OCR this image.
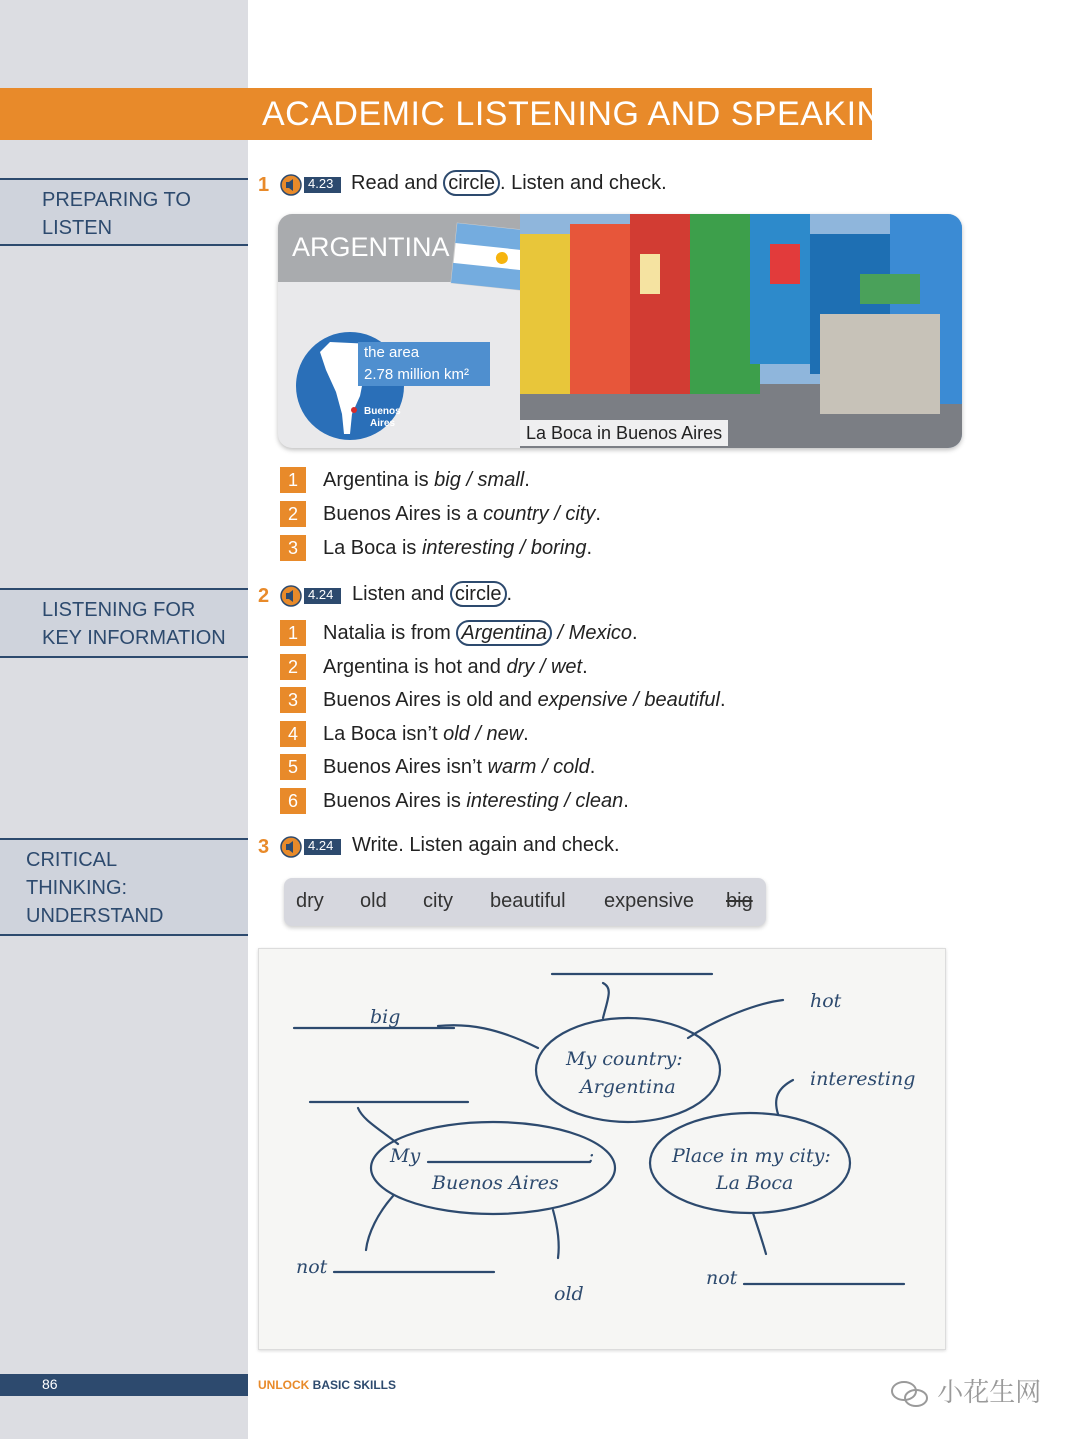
ACADEMIC LISTENING AND SPEAKING
PREPARING TO
LISTEN
LISTENING FOR
KEY INFORMATION
CRITICAL
THINKING:
UNDERSTAND
1	4.23 Read and circle . Listen and check.
ARGENTINA
the area
2.78 million km²
Buenos
Aires	La Boca in Buenos Aires
1	Argentina is big / small.
2	Buenos Aires is a country / city.
3	La Boca is interesting / boring.
2	4.24 Listen and circle .
1	Natalia is from Argentina / Mexico.
2	Argentina is hot and dry / wet.
3	Buenos Aires is old and expensive / beautiful.
4	La Boca isn’t old / new.
5	Buenos Aires isn’t warm / cold.
6	Buenos Aires is interesting / clean.
3	4.24 Write. Listen again and check.
dry old city beautiful expensive big
My country:
Argentina
My	:
Buenos Aires
Place in my city:
La Boca
big
hot
interesting
not
old
not
86	UNLOCK BASIC SKILLS	小花生网
